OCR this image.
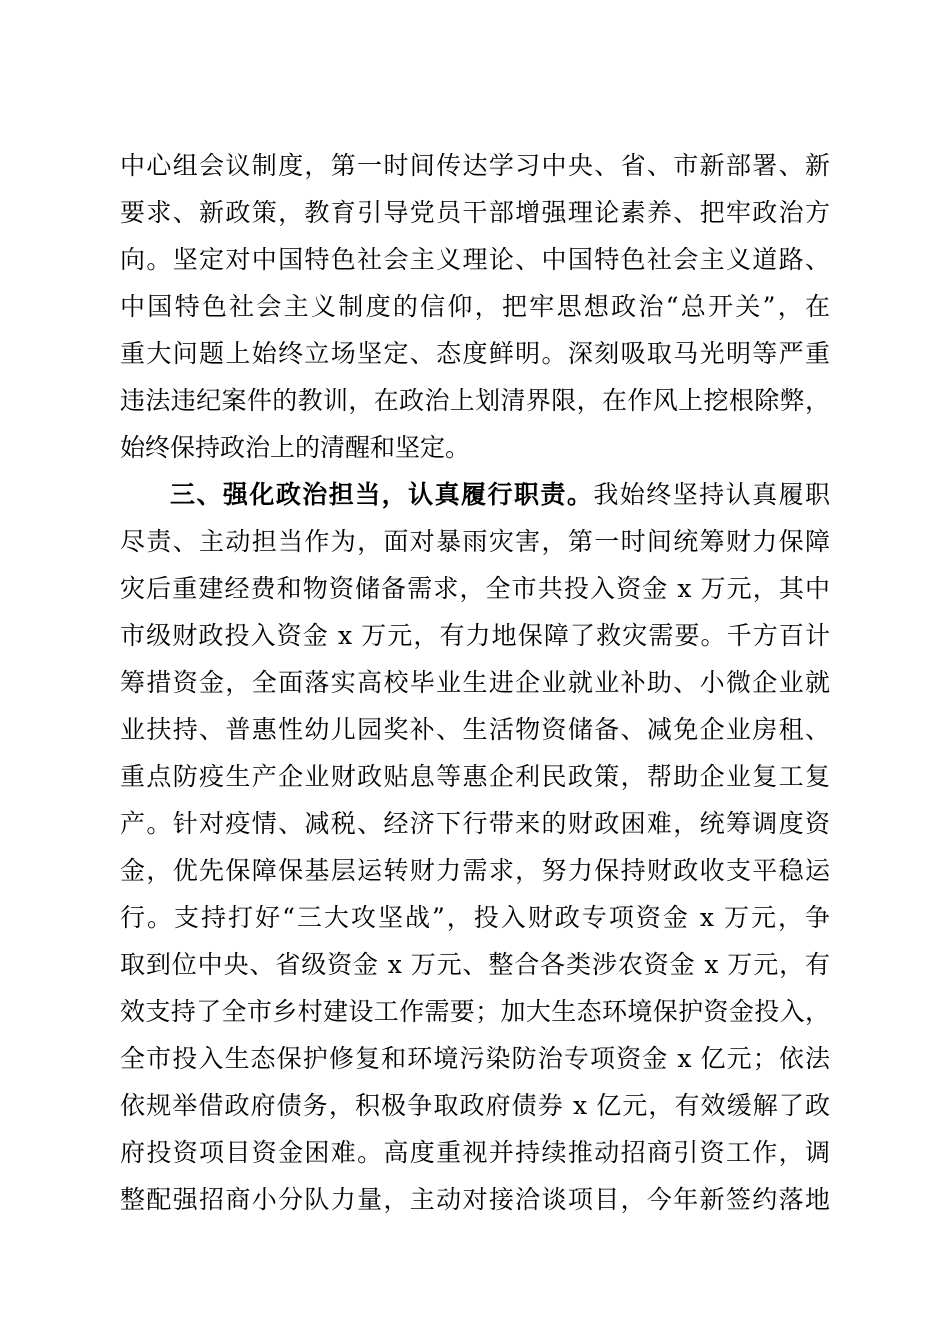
中心组会议制度，第一时间传达学习中央、省、市新部署、新
要求、新政策，教育引导党员干部增强理论素养、把牢政治方
向。坚定对中国特色社会主义理论、中国特色社会主义道路、
中国特色社会主义制度的信仰，把牢思想政治“总开关”，在
重大问题上始终立场坚定、态度鲜明。深刻吸取马光明等严重
违法违纪案件的教训，在政治上划清界限，在作风上挖根除弊，
始终保持政治上的清醒和坚定。
三、强化政治担当，认真履行职责。我始终坚持认真履职
尽责、主动担当作为，面对暴雨灾害，第一时间统筹财力保障
灾后重建经费和物资储备需求，全市共投入资金 x 万元，其中
市级财政投入资金 x 万元，有力地保障了救灾需要。千方百计
筹措资金，全面落实高校毕业生进企业就业补助、小微企业就
业扶持、普惠性幼儿园奖补、生活物资储备、减免企业房租、
重点防疫生产企业财政贴息等惠企利民政策，帮助企业复工复
产。针对疫情、减税、经济下行带来的财政困难，统筹调度资
金，优先保障保基层运转财力需求，努力保持财政收支平稳运
行。支持打好“三大攻坚战”，投入财政专项资金 x 万元，争
取到位中央、省级资金 x 万元、整合各类涉农资金 x 万元，有
效支持了全市乡村建设工作需要；加大生态环境保护资金投入，
全市投入生态保护修复和环境污染防治专项资金 x 亿元；依法
依规举借政府债务，积极争取政府债券 x 亿元，有效缓解了政
府投资项目资金困难。高度重视并持续推动招商引资工作，调
整配强招商小分队力量，主动对接洽谈项目，今年新签约落地
